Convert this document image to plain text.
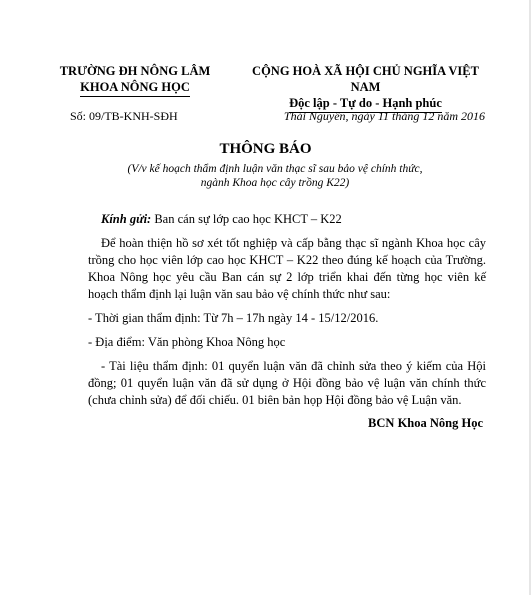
TRƯỜNG ĐH NÔNG LÂM
KHOA NÔNG HỌC
CỘNG HOÀ XÃ HỘI CHỦ NGHĨA VIỆT NAM
Độc lập - Tự do - Hạnh phúc
Số: 09/TB-KNH-SĐH	Thái Nguyên, ngày 11 tháng 12 năm 2016
THÔNG BÁO
(V/v kế hoạch thẩm định luận văn thạc sĩ sau bảo vệ chính thức, ngành Khoa học cây trồng K22)

Kính gửi: Ban cán sự lớp cao học KHCT – K22

Để hoàn thiện hồ sơ xét tốt nghiệp và cấp bằng thạc sĩ ngành Khoa học cây trồng cho học viên lớp cao học KHCT – K22 theo đúng kế hoạch của Trường. Khoa Nông học yêu cầu Ban cán sự 2 lớp triển khai đến từng học viên kế hoạch thẩm định lại luận văn sau bảo vệ chính thức như sau:

- Thời gian thẩm định: Từ 7h – 17h ngày 14 - 15/12/2016.

- Địa điểm: Văn phòng Khoa Nông học

- Tài liệu thẩm định: 01 quyển luận văn đã chỉnh sửa theo ý kiếm của Hội đồng; 01 quyển luận văn đã sử dụng ở Hội đồng bảo vệ luận văn chính thức (chưa chỉnh sửa) để đối chiếu. 01 biên bản họp Hội đồng bảo vệ Luận văn.

BCN Khoa Nông Học
